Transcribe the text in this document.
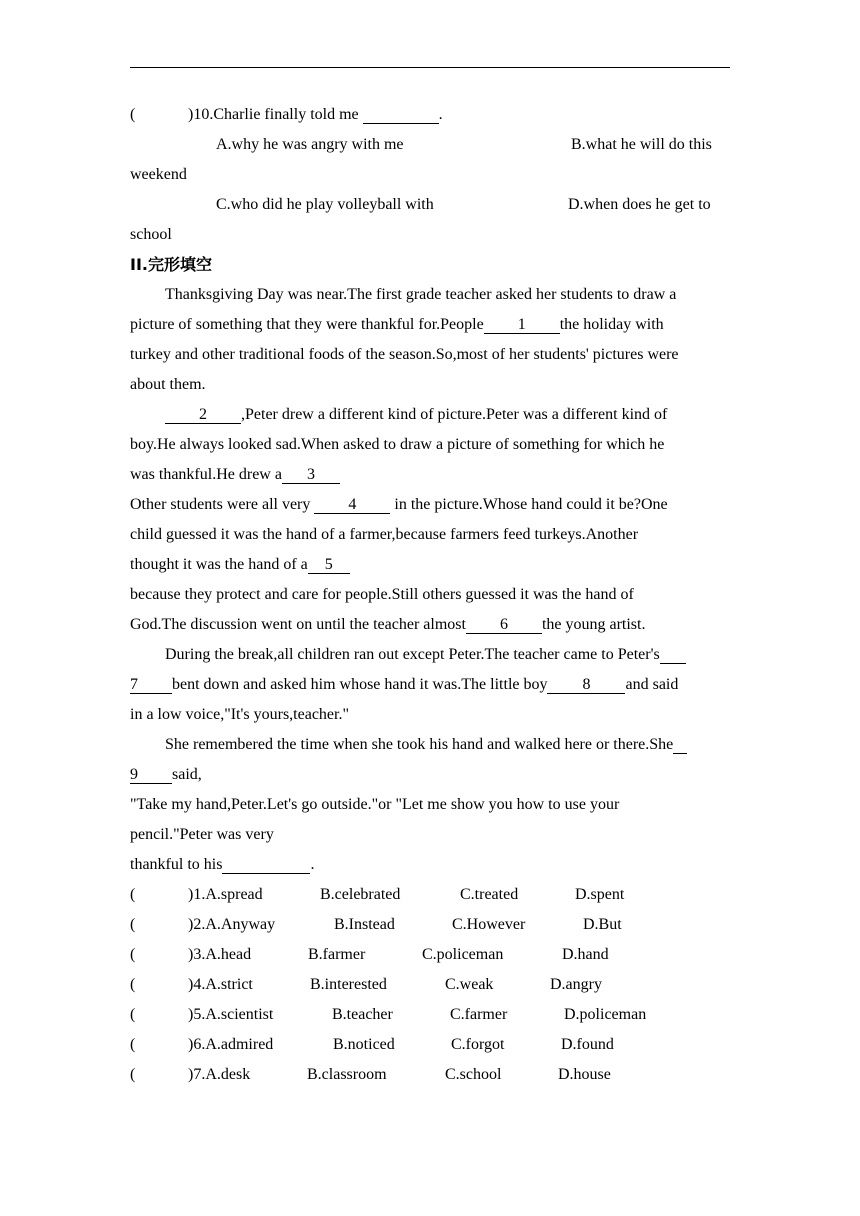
(	)10.Charlie finally told me	.
A.why he was angry with me	B.what he will do this
weekend
C.who did he play volleyball with	D.when does he get to
school
II.完形填空
Thanksgiving Day was near.The first grade teacher asked her students to draw a
picture of something that they were thankful for.People 1 the holiday with
turkey and other traditional foods of the season.So,most of her students' pictures were
about them.
2 ,Peter drew a different kind of picture.Peter was a different kind of
boy.He always looked sad.When asked to draw a picture of something for which he
was thankful.He drew a 3
Other students were all very 4 in the picture.Whose hand could it be?One
child guessed it was the hand of a farmer,because farmers feed turkeys.Another
thought it was the hand of a 5
because they protect and care for people.Still others guessed it was the hand of
God.The discussion went on until the teacher almost 6 the young artist.
During the break,all children ran out except Peter.The teacher came to Peter's
7 bent down and asked him whose hand it was.The little boy 8 and said
in a low voice,"It's yours,teacher."
She remembered the time when she took his hand and walked here or there.She
9 said,
"Take my hand,Peter.Let's go outside."or "Let me show you how to use your
pencil."Peter was very
thankful to his	.
(	)1.A.spread	B.celebrated	C.treated	D.spent
(	)2.A.Anyway	B.Instead	C.However	D.But
(	)3.A.head	B.farmer	C.policeman	D.hand
(	)4.A.strict	B.interested	C.weak	D.angry
(	)5.A.scientist	B.teacher	C.farmer	D.policeman
(	)6.A.admired	B.noticed	C.forgot	D.found
(	)7.A.desk	B.classroom	C.school	D.house
